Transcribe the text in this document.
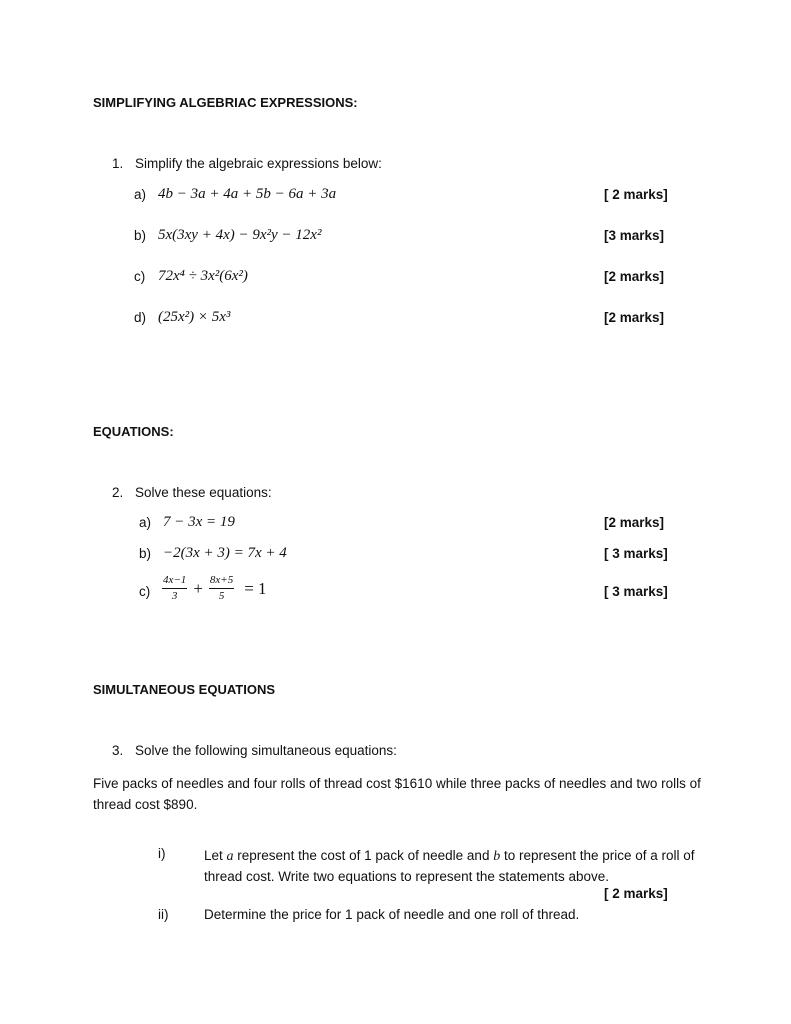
SIMPLIFYING ALGEBRIAC EXPRESSIONS:
1. Simplify the algebraic expressions below:
a) 4b − 3a + 4a + 5b − 6a + 3a	[ 2 marks]
b) 5x(3xy + 4x) − 9x²y − 12x²	[3 marks]
c) 72x⁴ ÷ 3x²(6x²)	[2 marks]
d) (25x²) × 5x³	[2 marks]
EQUATIONS:
2. Solve these equations:
a) 7 − 3x = 19	[2 marks]
b) −2(3x + 3) = 7x + 4	[ 3 marks]
$c) \frac{4x-1}{3} + \frac{8x+5}{5} = 1$	[ 3 marks]
SIMULTANEOUS EQUATIONS
3. Solve the following simultaneous equations:
Five packs of needles and four rolls of thread cost $1610 while three packs of needles and two rolls of thread cost $890.
i)	Let a represent the cost of 1 pack of needle and b to represent the price of a roll of thread cost. Write two equations to represent the statements above.
[ 2 marks]
ii)	Determine the price for 1 pack of needle and one roll of thread.
